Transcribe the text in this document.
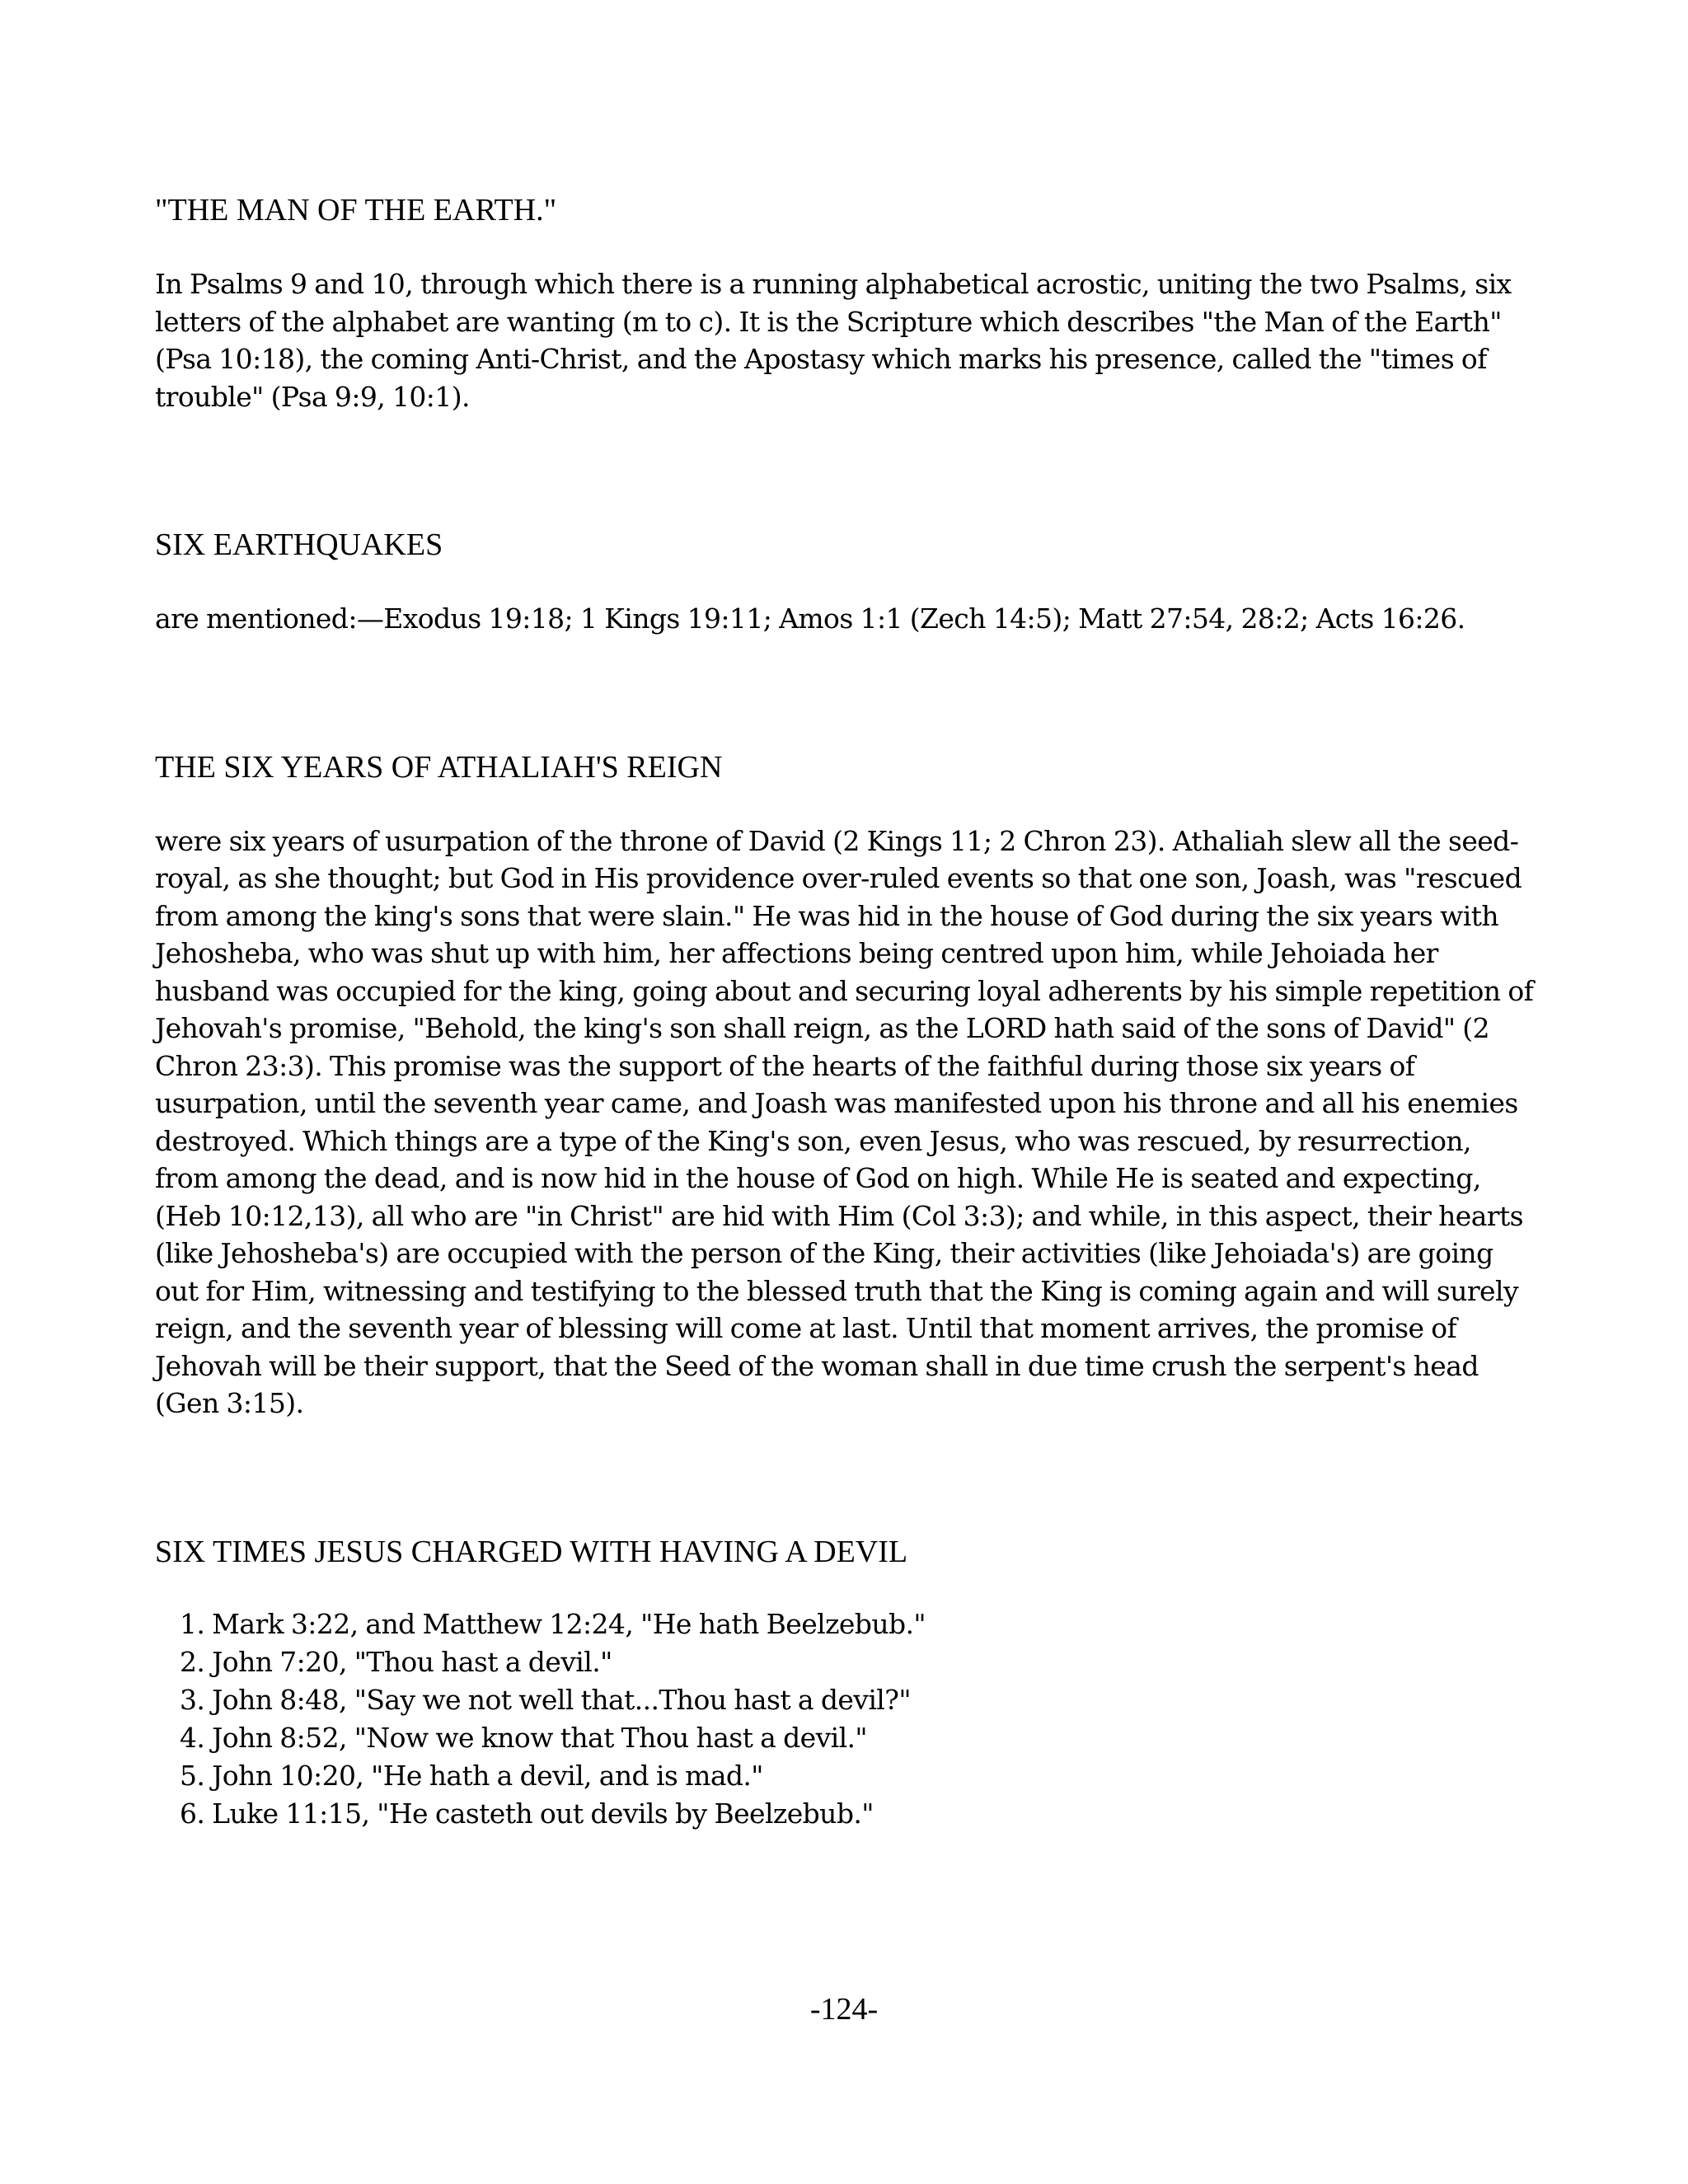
"THE MAN OF THE EARTH."

In Psalms 9 and 10, through which there is a running alphabetical acrostic, uniting the two Psalms, six letters of the alphabet are wanting (m to c). It is the Scripture which describes "the Man of the Earth" (Psa 10:18), the coming Anti-Christ, and the Apostasy which marks his presence, called the "times of trouble" (Psa 9:9, 10:1).

SIX EARTHQUAKES

are mentioned:—Exodus 19:18; 1 Kings 19:11; Amos 1:1 (Zech 14:5); Matt 27:54, 28:2; Acts 16:26.

THE SIX YEARS OF ATHALIAH'S REIGN

were six years of usurpation of the throne of David (2 Kings 11; 2 Chron 23). Athaliah slew all the seed-royal, as she thought; but God in His providence over-ruled events so that one son, Joash, was "rescued from among the king's sons that were slain." He was hid in the house of God during the six years with Jehosheba, who was shut up with him, her affections being centred upon him, while Jehoiada her husband was occupied for the king, going about and securing loyal adherents by his simple repetition of Jehovah's promise, "Behold, the king's son shall reign, as the LORD hath said of the sons of David" (2 Chron 23:3). This promise was the support of the hearts of the faithful during those six years of usurpation, until the seventh year came, and Joash was manifested upon his throne and all his enemies destroyed. Which things are a type of the King's son, even Jesus, who was rescued, by resurrection, from among the dead, and is now hid in the house of God on high. While He is seated and expecting, (Heb 10:12,13), all who are "in Christ" are hid with Him (Col 3:3); and while, in this aspect, their hearts (like Jehosheba's) are occupied with the person of the King, their activities (like Jehoiada's) are going out for Him, witnessing and testifying to the blessed truth that the King is coming again and will surely reign, and the seventh year of blessing will come at last. Until that moment arrives, the promise of Jehovah will be their support, that the Seed of the woman shall in due time crush the serpent's head (Gen 3:15).

SIX TIMES JESUS CHARGED WITH HAVING A DEVIL
1. Mark 3:22, and Matthew 12:24, "He hath Beelzebub."
2. John 7:20, "Thou hast a devil."
3. John 8:48, "Say we not well that...Thou hast a devil?"
4. John 8:52, "Now we know that Thou hast a devil."
5. John 10:20, "He hath a devil, and is mad."
6. Luke 11:15, "He casteth out devils by Beelzebub."
-124-
